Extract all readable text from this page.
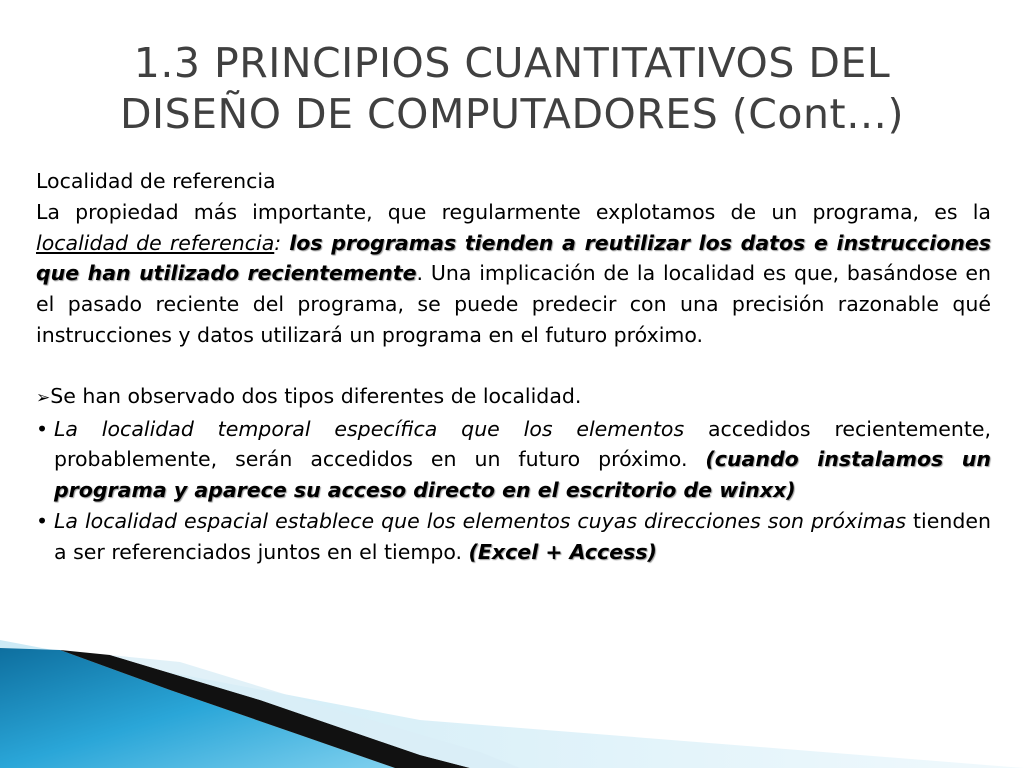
1.3 PRINCIPIOS CUANTITATIVOS DEL
DISEÑO DE COMPUTADORES (Cont…)

Localidad de referencia

La propiedad más importante, que regularmente explotamos de un programa, es la localidad de referencia: los programas tienden a reutilizar los datos e instrucciones que han utilizado recientemente. Una implicación de la localidad es que, basándose en el pasado reciente del programa, se puede predecir con una precisión razonable qué instrucciones y datos utilizará un programa en el futuro próximo.

➢Se han observado dos tipos diferentes de localidad.

• La localidad temporal específica que los elementos accedidos recientemente, probablemente, serán accedidos en un futuro próximo. (cuando instalamos un programa y aparece su acceso directo en el escritorio de winxx)
• La localidad espacial establece que los elementos cuyas direcciones son próximas tienden a ser referenciados juntos en el tiempo. (Excel + Access)
